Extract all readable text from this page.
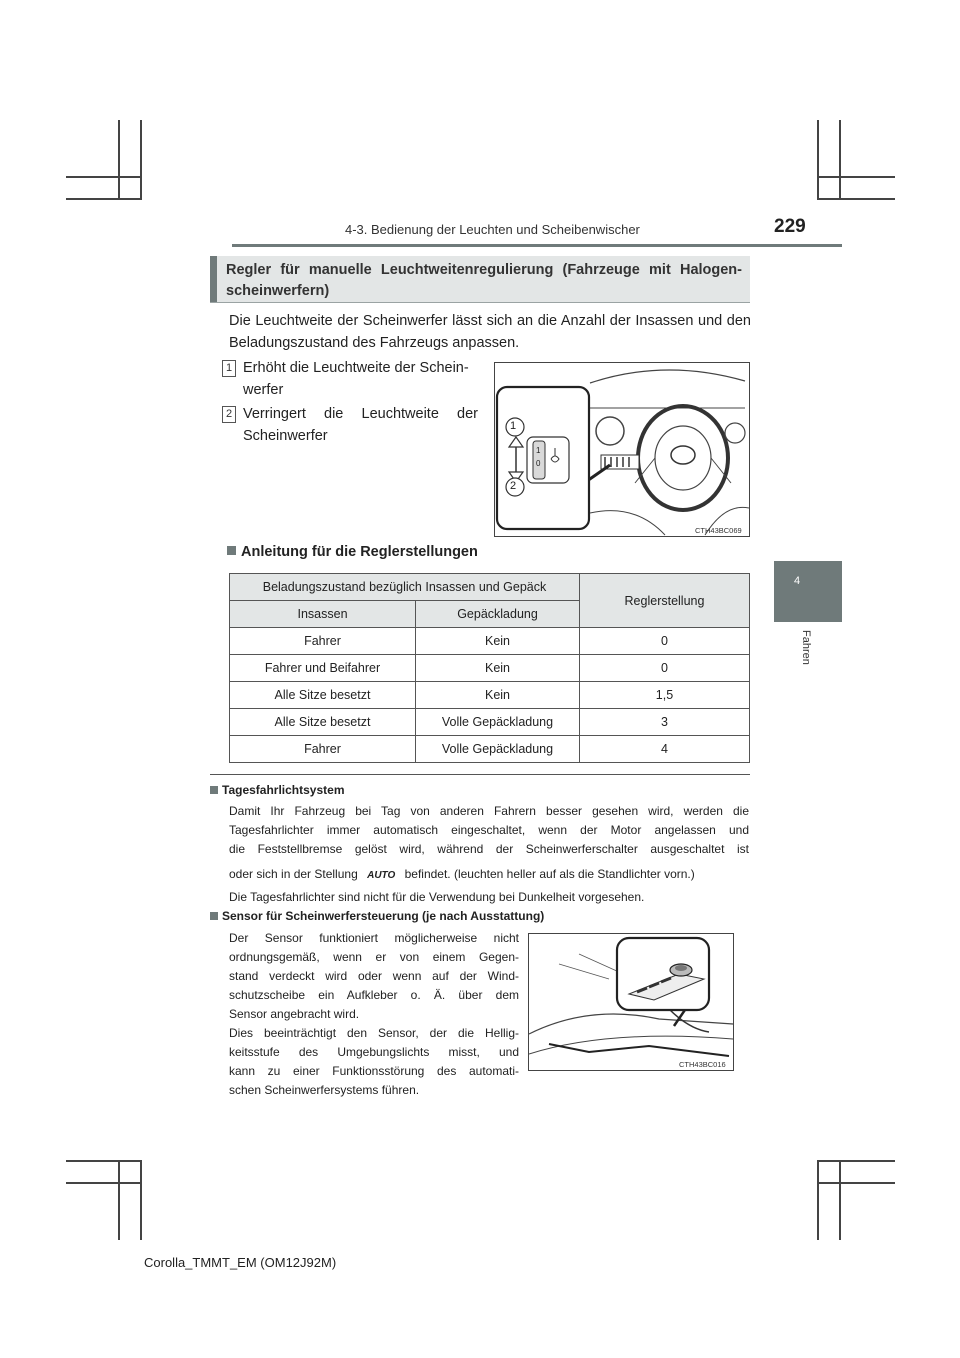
4-3. Bedienung der Leuchten und Scheibenwischer	229
4
Fahren
Regler für manuelle Leuchtweitenregulierung (Fahrzeuge mit Halogen-scheinwerfern)
Die Leuchtweite der Scheinwerfer lässt sich an die Anzahl der Insassen und den Beladungszustand des Fahrzeugs anpassen.
1 Erhöht die Leuchtweite der Schein-
werfer
2 Verringert die Leuchtweite der
Scheinwerfer
1
2
1
0
CTH43BC069
Anleitung für die Reglerstellungen
Beladungszustand bezüglich Insassen und Gepäck		Reglerstellung
Insassen	Gepäckladung	
Fahrer	Kein	0
Fahrer und Beifahrer	Kein	0
Alle Sitze besetzt	Kein	1,5
Alle Sitze besetzt	Volle Gepäckladung	3
Fahrer	Volle Gepäckladung	4
Tagesfahrlichtsystem
Damit Ihr Fahrzeug bei Tag von anderen Fahrern besser gesehen wird, werden die
Tagesfahrlichter immer automatisch eingeschaltet, wenn der Motor angelassen und
die Feststellbremse gelöst wird, während der Scheinwerferschalter ausgeschaltet ist
oder sich in der Stellung AUTO befindet. (leuchten heller auf als die Standlichter vorn.)
Die Tagesfahrlichter sind nicht für die Verwendung bei Dunkelheit vorgesehen.
Sensor für Scheinwerfersteuerung (je nach Ausstattung)
Der Sensor funktioniert möglicherweise nicht
ordnungsgemäß, wenn er von einem Gegen-
stand verdeckt wird oder wenn auf der Wind-
schutzscheibe ein Aufkleber o. Ä. über dem
Sensor angebracht wird.
Dies beeinträchtigt den Sensor, der die Hellig-
keitsstufe des Umgebungslichts misst, und
kann zu einer Funktionsstörung des automati-
schen Scheinwerfersystems führen.
CTH43BC016
Corolla_TMMT_EM (OM12J92M)
